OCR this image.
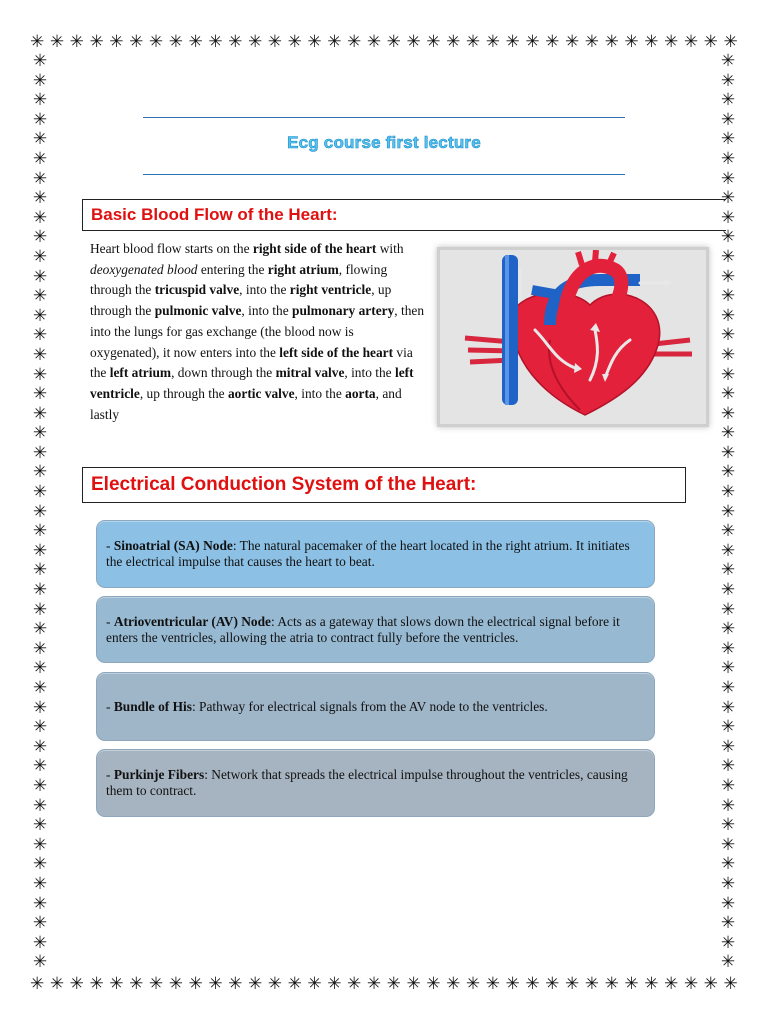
✳ ✳ ✳ ✳ ✳ ✳ ✳ ✳ ✳ ✳ ✳ ✳ ✳ ✳ ✳ ✳ ✳ ✳ ✳ ✳ ✳ ✳ ✳ ✳ ✳ ✳ ✳ ✳ ✳ ✳ ✳ ✳ ✳ ✳ ✳ ✳
✳ ✳ ✳ ✳ ✳ ✳ ✳ ✳ ✳ ✳ ✳ ✳ ✳ ✳ ✳ ✳ ✳ ✳ ✳ ✳ ✳ ✳ ✳ ✳ ✳ ✳ ✳ ✳ ✳ ✳ ✳ ✳ ✳ ✳ ✳ ✳
✳
✳
✳
✳
✳
✳
✳
✳
✳
✳
✳
✳
✳
✳
✳
✳
✳
✳
✳
✳
✳
✳
✳
✳
✳
✳
✳
✳
✳
✳
✳
✳
✳
✳
✳
✳
✳
✳
✳
✳
✳
✳
✳
✳
✳
✳
✳
✳
✳
✳
✳
✳
✳
✳
✳
✳
✳
✳
✳
✳
✳
✳
✳
✳
✳
✳
✳
✳
✳
✳
✳
✳
✳
✳
✳
✳
✳
✳
✳
✳
✳
✳
✳
✳
✳
✳
✳
✳
✳
✳
✳
✳
✳
✳
Ecg course first lecture
Basic Blood Flow of the Heart:
Heart blood flow starts on the right side of the heart with deoxygenated blood entering the right atrium, flowing through the tricuspid valve, into the right ventricle, up through the pulmonic valve, into the pulmonary artery, then into the lungs for gas exchange (the blood now is oxygenated), it now enters into the left side of the heart via the left atrium, down through the mitral valve, into the left ventricle, up through the aortic valve, into the aorta, and lastly
Electrical Conduction System of the Heart:

- Sinoatrial (SA) Node: The natural pacemaker of the heart located in the right atrium. It initiates the electrical impulse that causes the heart to beat.

- Atrioventricular (AV) Node: Acts as a gateway that slows down the electrical signal before it enters the ventricles, allowing the atria to contract fully before the ventricles.

- Bundle of His: Pathway for electrical signals from the AV node to the ventricles.

- Purkinje Fibers: Network that spreads the electrical impulse throughout the ventricles, causing them to contract.
